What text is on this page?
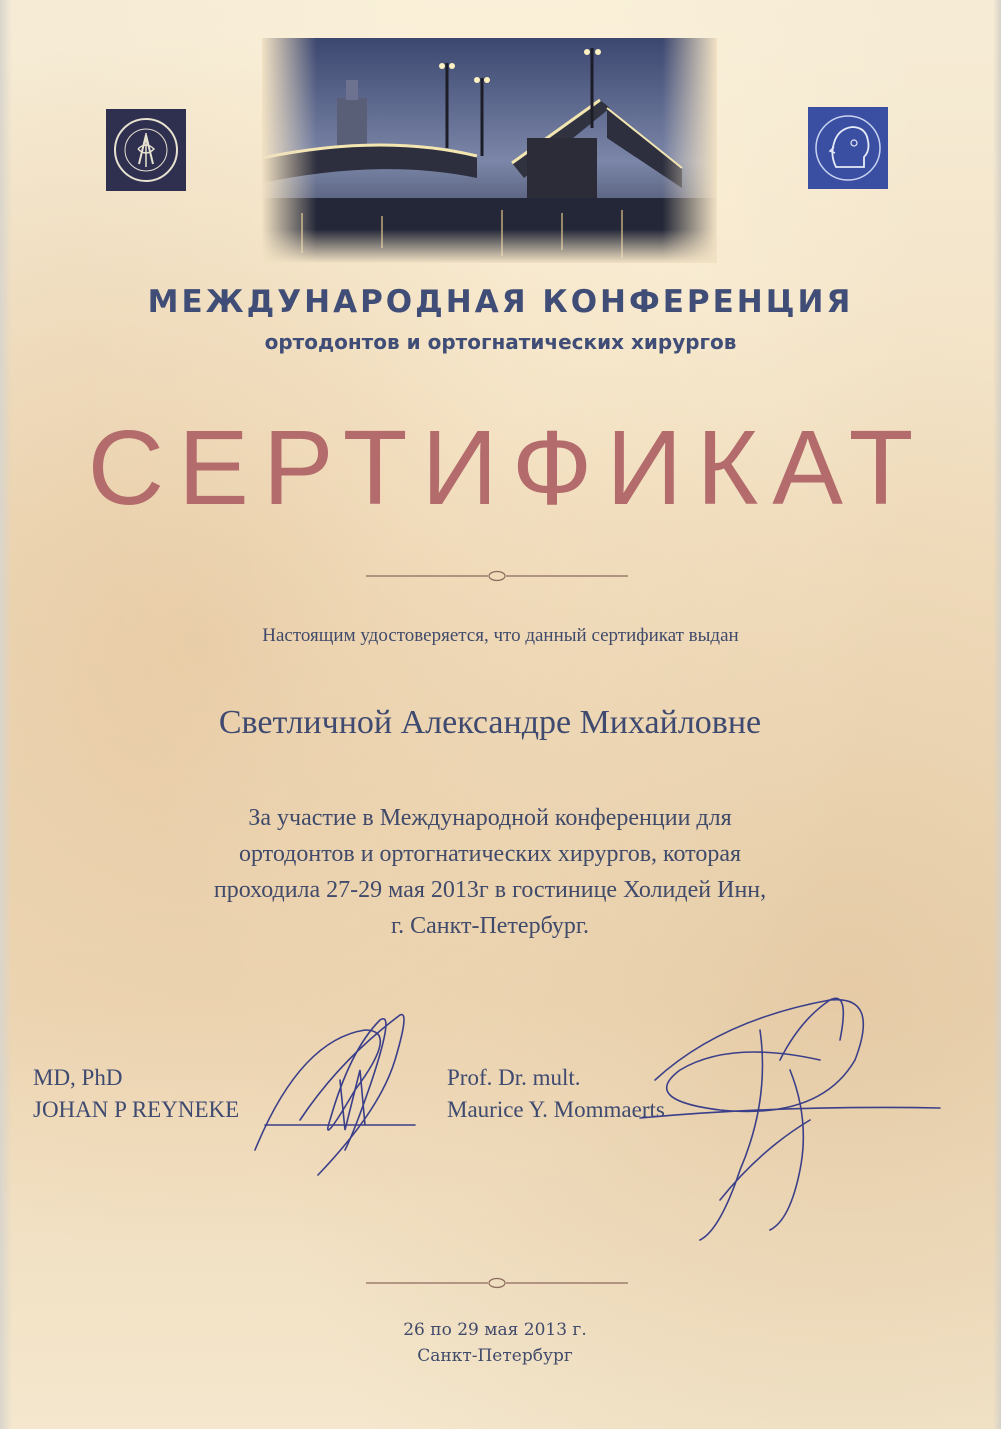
МЕЖДУНАРОДНАЯ КОНФЕРЕНЦИЯ
ортодонтов и ортогнатических хирургов
СЕРТИФИКАТ
Настоящим удостоверяется, что данный сертификат выдан
Светличной Александре Михайловне
За участие в Международной конференции для
ортодонтов и ортогнатических хирургов, которая
проходила 27-29 мая 2013г в гостинице Холидей Инн,
г. Санкт-Петербург.
MD, PhD
JOHAN P REYNEKE
Prof. Dr. mult.
Maurice Y. Mommaerts
26 по 29 мая 2013 г.
Санкт-Петербург
